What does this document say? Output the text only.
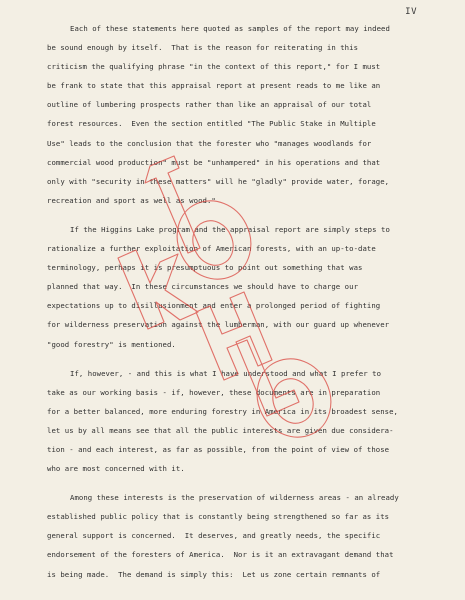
IV
Each of these statements here quoted as samples of the report may indeed
be sound enough by itself.  That is the reason for reiterating in this
criticism the qualifying phrase "in the context of this report," for I must
be frank to state that this appraisal report at present reads to me like an
outline of lumbering prospects rather than like an appraisal of our total
forest resources.  Even the section entitled "The Public Stake in Multiple
Use" leads to the conclusion that the forester who "manages woodlands for
commercial wood production" must be "unhampered" in his operations and that
only with "security in these matters" will he "gladly" provide water, forage,
recreation and sport as well as wood."
If the Higgins Lake program and the appraisal report are simply steps to
rationalize a further exploitation of American forests, with an up-to-date
terminology, perhaps it is presumptuous to point out something that was
planned that way.  In these circumstances we should have to charge our
expectations up to disillusionment and enter a prolonged period of fighting
for wilderness preservation against the lumberman, with our guard up whenever
"good forestry" is mentioned.
If, however, - and this is what I have understood and what I prefer to
take as our working basis - if, however, these documents are in preparation
for a better balanced, more enduring forestry in America in its broadest sense,
let us by all means see that all the public interests are given due considera-
tion - and each interest, as far as possible, from the point of view of those
who are most concerned with it.
Among these interests is the preservation of wilderness areas - an already
established public policy that is constantly being strengthened so far as its
general support is concerned.  It deserves, and greatly needs, the specific
endorsement of the foresters of America.  Nor is it an extravagant demand that
is being made.  The demand is simply this:  Let us zone certain remnants of
